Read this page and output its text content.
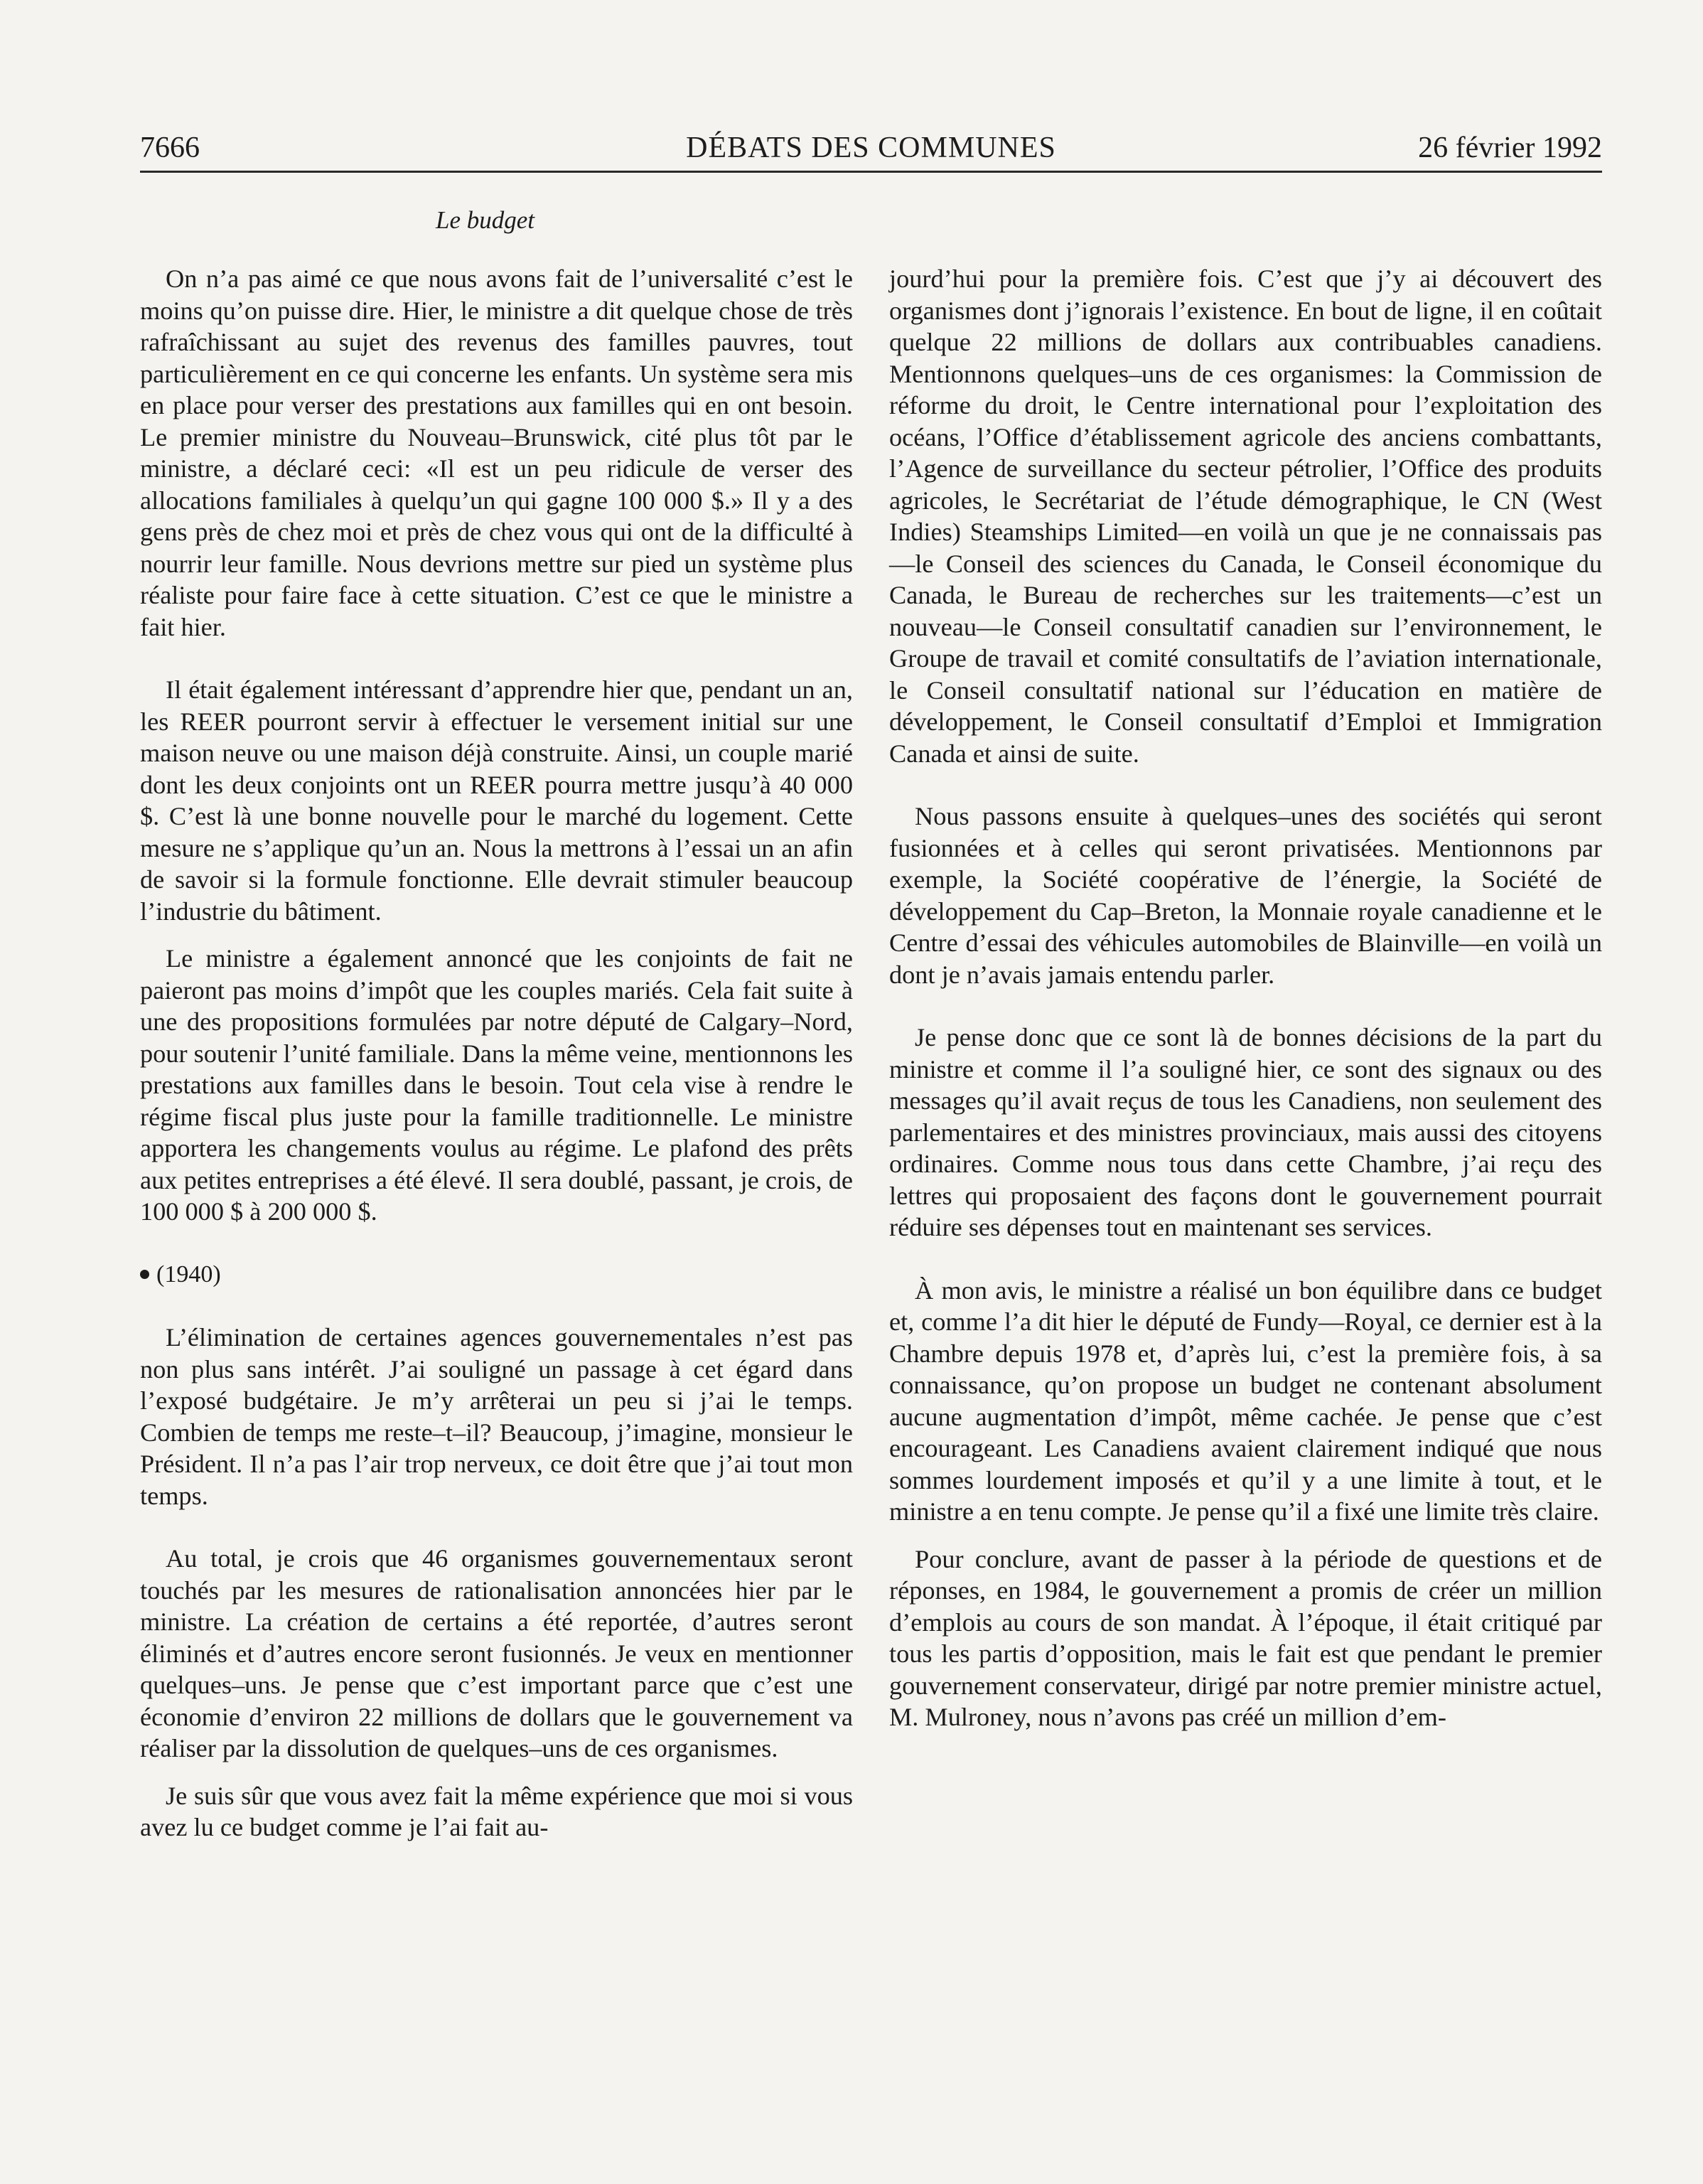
7666	DÉBATS DES COMMUNES	26 février 1992
Le budget

On n’a pas aimé ce que nous avons fait de l’universalité c’est le moins qu’on puisse dire. Hier, le ministre a dit quelque chose de très rafraîchissant au sujet des revenus des familles pauvres, tout particulièrement en ce qui concerne les enfants. Un système sera mis en place pour verser des prestations aux familles qui en ont besoin. Le premier ministre du Nouveau–Brunswick, cité plus tôt par le ministre, a déclaré ceci: «Il est un peu ridicule de verser des allocations familiales à quelqu’un qui gagne 100 000 $.» Il y a des gens près de chez moi et près de chez vous qui ont de la difficulté à nourrir leur famille. Nous devrions mettre sur pied un système plus réaliste pour faire face à cette situation. C’est ce que le ministre a fait hier.

Il était également intéressant d’apprendre hier que, pendant un an, les REER pourront servir à effectuer le versement initial sur une maison neuve ou une maison déjà construite. Ainsi, un couple marié dont les deux conjoints ont un REER pourra mettre jusqu’à 40 000 $. C’est là une bonne nouvelle pour le marché du logement. Cette mesure ne s’applique qu’un an. Nous la mettrons à l’essai un an afin de savoir si la formule fonctionne. Elle devrait stimuler beaucoup l’industrie du bâtiment.

Le ministre a également annoncé que les conjoints de fait ne paieront pas moins d’impôt que les couples mariés. Cela fait suite à une des propositions formulées par notre député de Calgary–Nord, pour soutenir l’unité familiale. Dans la même veine, mentionnons les prestations aux familles dans le besoin. Tout cela vise à rendre le régime fiscal plus juste pour la famille traditionnelle. Le ministre apportera les changements voulus au régime. Le plafond des prêts aux petites entreprises a été élevé. Il sera doublé, passant, je crois, de 100 000 $ à 200 000 $.

(1940)

L’élimination de certaines agences gouvernementales n’est pas non plus sans intérêt. J’ai souligné un passage à cet égard dans l’exposé budgétaire. Je m’y arrêterai un peu si j’ai le temps. Combien de temps me reste–t–il? Beaucoup, j’imagine, monsieur le Président. Il n’a pas l’air trop nerveux, ce doit être que j’ai tout mon temps.

Au total, je crois que 46 organismes gouvernementaux seront touchés par les mesures de rationalisation annoncées hier par le ministre. La création de certains a été reportée, d’autres seront éliminés et d’autres encore seront fusionnés. Je veux en mentionner quelques–uns. Je pense que c’est important parce que c’est une économie d’environ 22 millions de dollars que le gouvernement va réaliser par la dissolution de quelques–uns de ces organismes.

Je suis sûr que vous avez fait la même expérience que moi si vous avez lu ce budget comme je l’ai fait au-

jourd’hui pour la première fois. C’est que j’y ai découvert des organismes dont j’ignorais l’existence. En bout de ligne, il en coûtait quelque 22 millions de dollars aux contribuables canadiens. Mentionnons quelques–uns de ces organismes: la Commission de réforme du droit, le Centre international pour l’exploitation des océans, l’Office d’établissement agricole des anciens combattants, l’Agence de surveillance du secteur pétrolier, l’Office des produits agricoles, le Secrétariat de l’étude démographique, le CN (West Indies) Steamships Limited—en voilà un que je ne connaissais pas—le Conseil des sciences du Canada, le Conseil économique du Canada, le Bureau de recherches sur les traitements—c’est un nouveau—le Conseil consultatif canadien sur l’environnement, le Groupe de travail et comité consultatifs de l’aviation internationale, le Conseil consultatif national sur l’éducation en matière de développement, le Conseil consultatif d’Emploi et Immigration Canada et ainsi de suite.

Nous passons ensuite à quelques–unes des sociétés qui seront fusionnées et à celles qui seront privatisées. Mentionnons par exemple, la Société coopérative de l’énergie, la Société de développement du Cap–Breton, la Monnaie royale canadienne et le Centre d’essai des véhicules automobiles de Blainville—en voilà un dont je n’avais jamais entendu parler.

Je pense donc que ce sont là de bonnes décisions de la part du ministre et comme il l’a souligné hier, ce sont des signaux ou des messages qu’il avait reçus de tous les Canadiens, non seulement des parlementaires et des ministres provinciaux, mais aussi des citoyens ordinaires. Comme nous tous dans cette Chambre, j’ai reçu des lettres qui proposaient des façons dont le gouvernement pourrait réduire ses dépenses tout en maintenant ses services.

À mon avis, le ministre a réalisé un bon équilibre dans ce budget et, comme l’a dit hier le député de Fundy—Royal, ce dernier est à la Chambre depuis 1978 et, d’après lui, c’est la première fois, à sa connaissance, qu’on propose un budget ne contenant absolument aucune augmentation d’impôt, même cachée. Je pense que c’est encourageant. Les Canadiens avaient clairement indiqué que nous sommes lourdement imposés et qu’il y a une limite à tout, et le ministre a en tenu compte. Je pense qu’il a fixé une limite très claire.

Pour conclure, avant de passer à la période de questions et de réponses, en 1984, le gouvernement a promis de créer un million d’emplois au cours de son mandat. À l’époque, il était critiqué par tous les partis d’opposition, mais le fait est que pendant le premier gouvernement conservateur, dirigé par notre premier ministre actuel, M. Mulroney, nous n’avons pas créé un million d’em-
